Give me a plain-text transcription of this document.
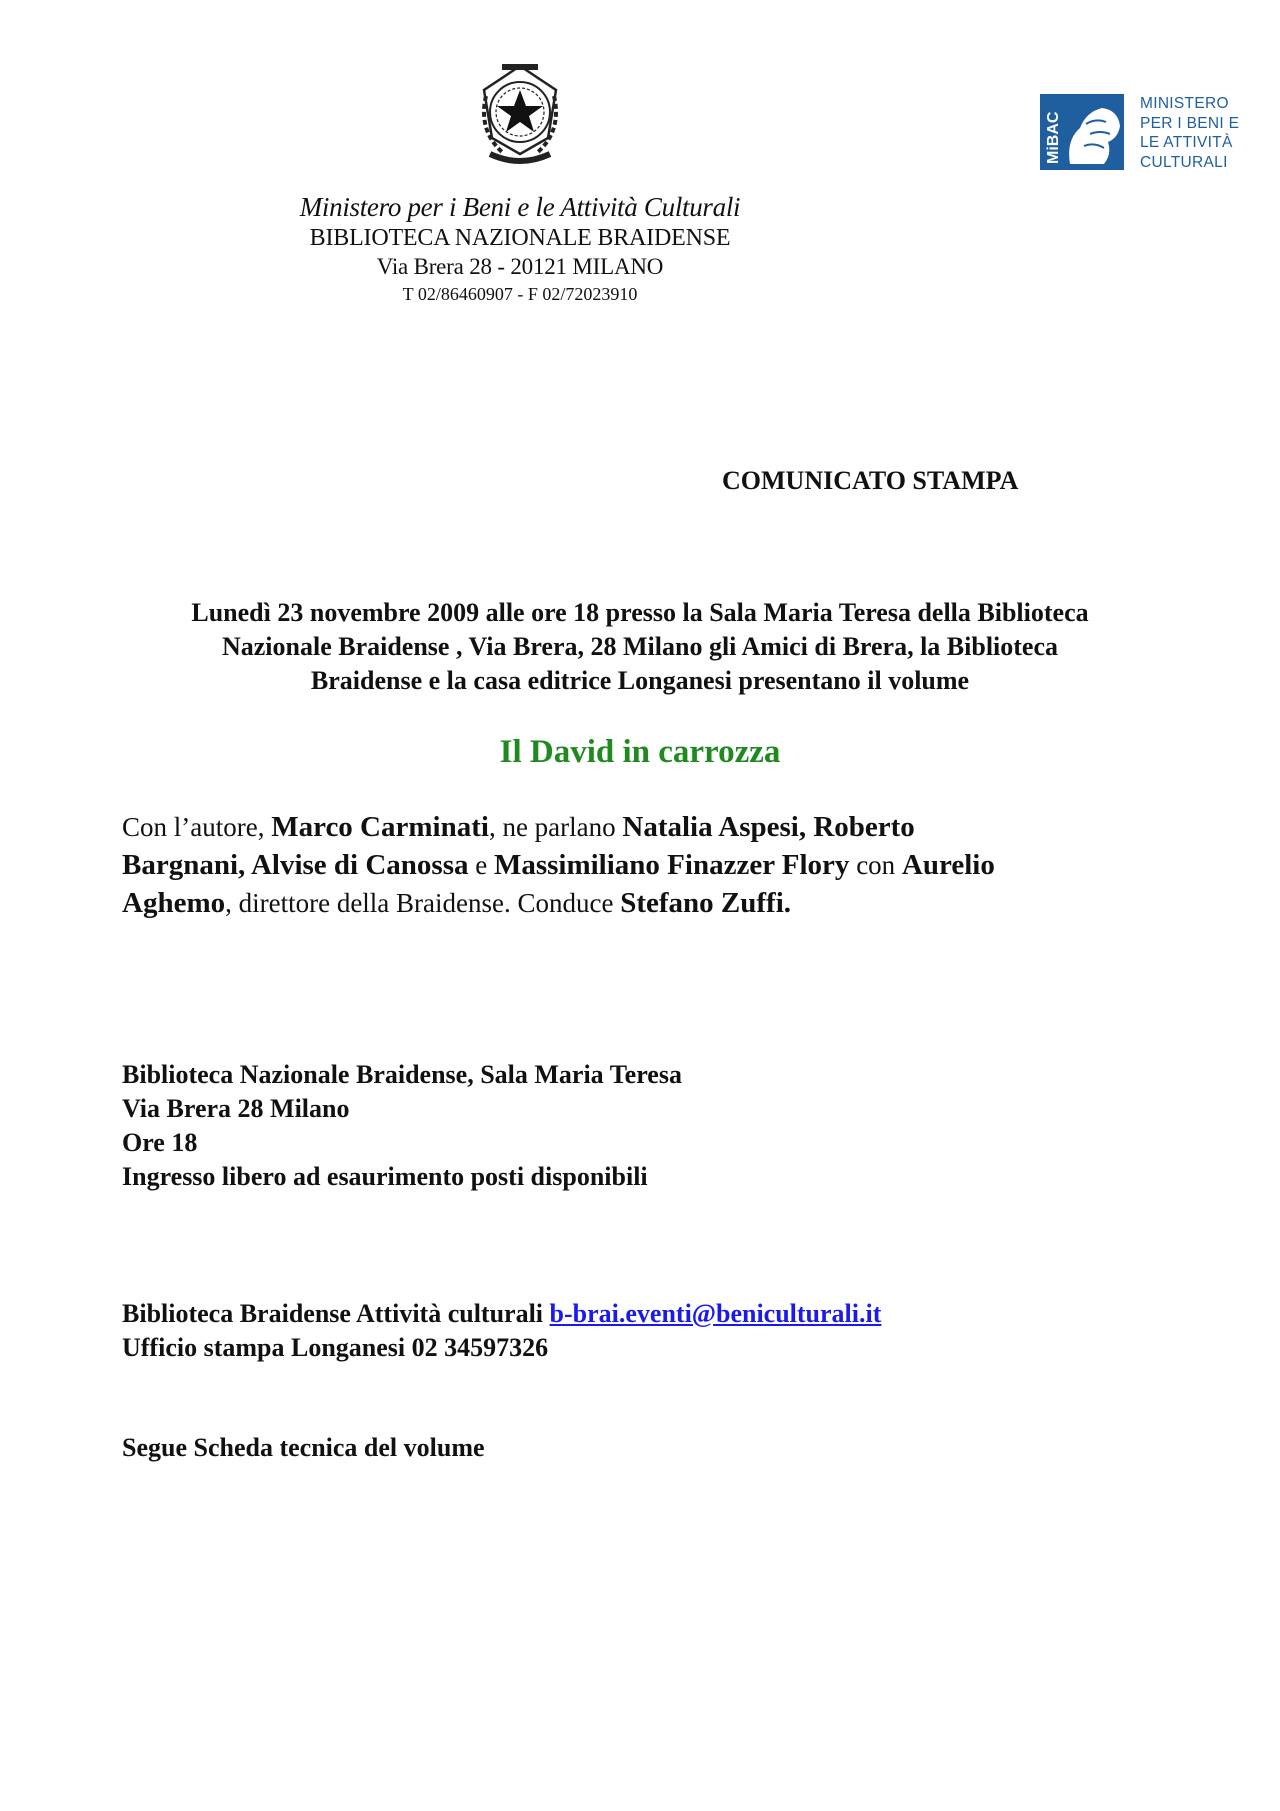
Ministero per i Beni e le Attività Culturali
BIBLIOTECA NAZIONALE BRAIDENSE
Via Brera 28 - 20121 MILANO
T 02/86460907 - F 02/72023910
MiBAC
MINISTERO
PER I BENI E
LE ATTIVITÀ
CULTURALI
COMUNICATO STAMPA
Lunedì 23 novembre 2009 alle ore 18 presso la Sala Maria Teresa della Biblioteca
Nazionale Braidense , Via Brera, 28 Milano gli Amici di Brera, la Biblioteca
Braidense e la casa editrice Longanesi presentano il volume
Il David in carrozza
Con l’autore, Marco Carminati, ne parlano Natalia Aspesi, Roberto
Bargnani, Alvise di Canossa e Massimiliano Finazzer Flory con Aurelio
Aghemo, direttore della Braidense. Conduce Stefano Zuffi.
Biblioteca Nazionale Braidense, Sala Maria Teresa
Via Brera 28 Milano
Ore 18
Ingresso libero ad esaurimento posti disponibili
Biblioteca Braidense Attività culturali b-brai.eventi@beniculturali.it
Ufficio stampa Longanesi 02 34597326
Segue Scheda tecnica del volume
